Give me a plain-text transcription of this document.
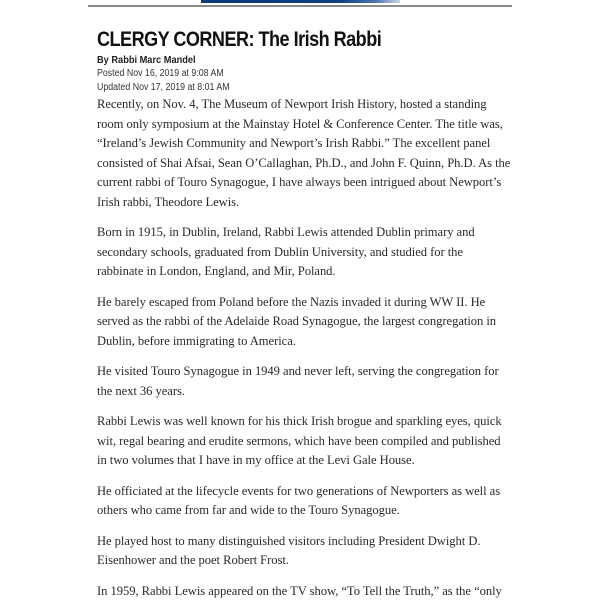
CLERGY CORNER: The Irish Rabbi
By Rabbi Marc Mandel
Posted Nov 16, 2019 at 9:08 AM
Updated Nov 17, 2019 at 8:01 AM

Recently, on Nov. 4, The Museum of Newport Irish History, hosted a standing room only symposium at the Mainstay Hotel & Conference Center. The title was, “Ireland’s Jewish Community and Newport’s Irish Rabbi.” The excellent panel consisted of Shai Afsai, Sean O’Callaghan, Ph.D., and John F. Quinn, Ph.D. As the current rabbi of Touro Synagogue, I have always been intrigued about Newport’s Irish rabbi, Theodore Lewis.

Born in 1915, in Dublin, Ireland, Rabbi Lewis attended Dublin primary and secondary schools, graduated from Dublin University, and studied for the rabbinate in London, England, and Mir, Poland.

He barely escaped from Poland before the Nazis invaded it during WW II. He served as the rabbi of the Adelaide Road Synagogue, the largest congregation in Dublin, before immigrating to America.

He visited Touro Synagogue in 1949 and never left, serving the congregation for the next 36 years.

Rabbi Lewis was well known for his thick Irish brogue and sparkling eyes, quick wit, regal bearing and erudite sermons, which have been compiled and published in two volumes that I have in my office at the Levi Gale House.

He officiated at the lifecycle events for two generations of Newporters as well as others who came from far and wide to the Touro Synagogue.

He played host to many distinguished visitors including President Dwight D. Eisenhower and the poet Robert Frost.

In 1959, Rabbi Lewis appeared on the TV show, “To Tell the Truth,” as the “only
